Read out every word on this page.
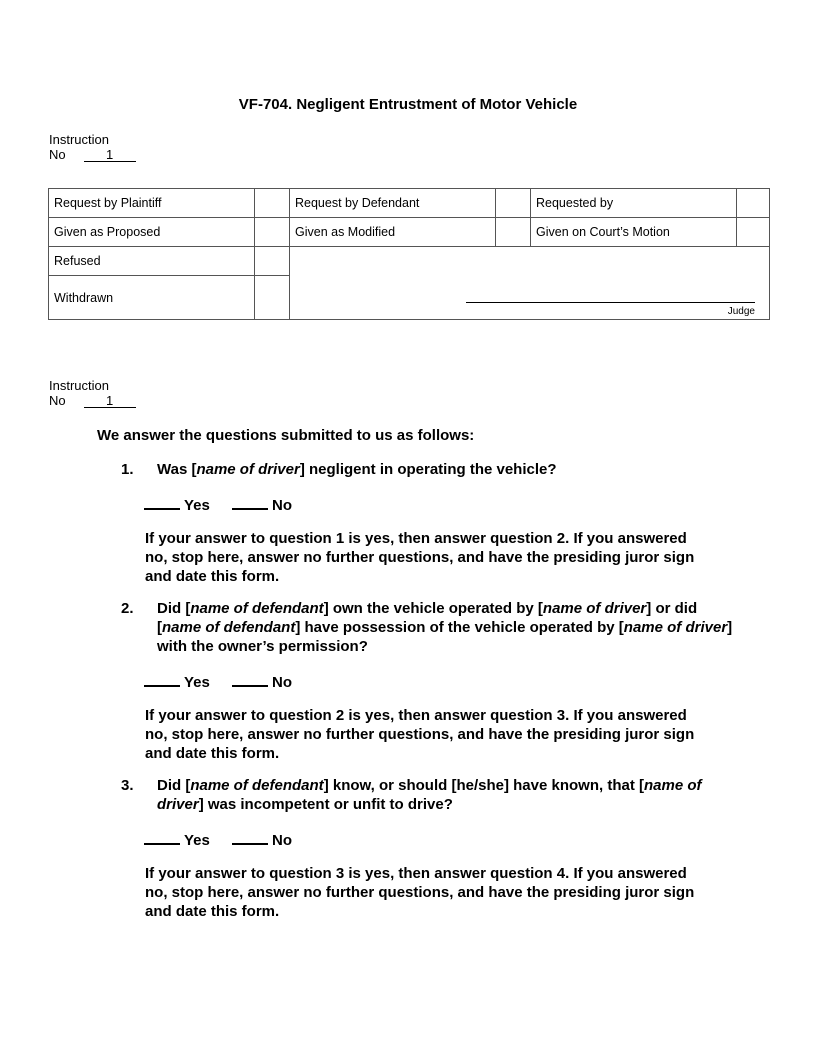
VF-704. Negligent Entrustment of Motor Vehicle
Instruction
No	1
Request by Plaintiff		Request by Defendant		Requested by	
Given as Proposed		Given as Modified		Given on Court’s Motion	
Refused		Judge			

Withdrawn					
Instruction
No	1
We answer the questions submitted to us as follows:
1. Was [name of driver] negligent in operating the vehicle?
Yes	No
If your answer to question 1 is yes, then answer question 2. If you answered no, stop here, answer no further questions, and have the presiding juror sign and date this form.
2. Did [name of defendant] own the vehicle operated by [name of driver] or did [name of defendant] have possession of the vehicle operated by [name of driver] with the owner’s permission?
Yes	No
If your answer to question 2 is yes, then answer question 3. If you answered no, stop here, answer no further questions, and have the presiding juror sign and date this form.
3. Did [name of defendant] know, or should [he/she] have known, that [name of driver] was incompetent or unfit to drive?
Yes	No
If your answer to question 3 is yes, then answer question 4. If you answered no, stop here, answer no further questions, and have the presiding juror sign and date this form.
